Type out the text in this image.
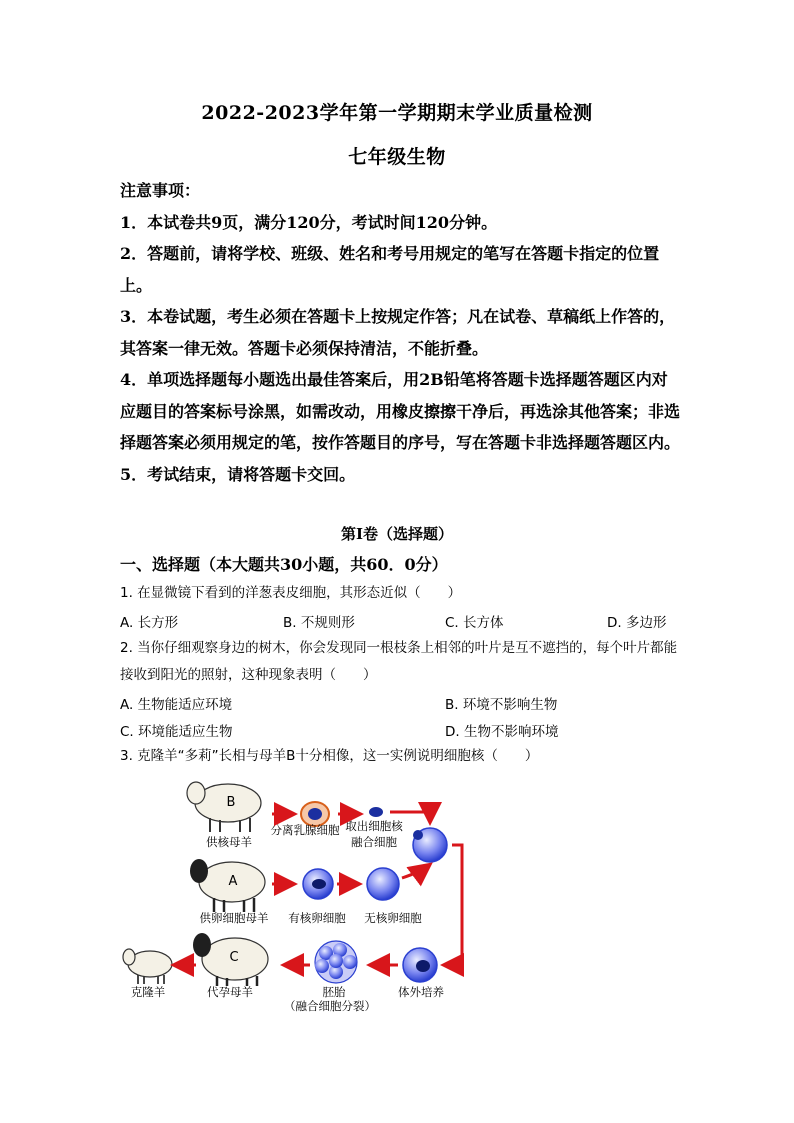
2022-2023学年第一学期期末学业质量检测
七年级生物

注意事项：

1．本试卷共9页，满分120分，考试时间120分钟。

2．答题前，请将学校、班级、姓名和考号用规定的笔写在答题卡指定的位置上。

3．本卷试题，考生必须在答题卡上按规定作答；凡在试卷、草稿纸上作答的，其答案一律无效。答题卡必须保持清洁，不能折叠。

4．单项选择题每小题选出最佳答案后，用2B铅笔将答题卡选择题答题区内对应题目的答案标号涂黑，如需改动，用橡皮擦擦干净后，再选涂其他答案；非选择题答案必须用规定的笔，按作答题目的序号，写在答题卡非选择题答题区内。

5．考试结束，请将答题卡交回。

第I卷（选择题）
一、选择题（本大题共30小题，共60．0分）

1. 在显微镜下看到的洋葱表皮细胞，其形态近似（　　）

A. 长方形	B. 不规则形	C. 长方体	D. 多边形

2. 当你仔细观察身边的树木，你会发现同一根枝条上相邻的叶片是互不遮挡的，每个叶片都能接收到阳光的照射，这种现象表明（　　）

A. 生物能适应环境	B. 环境不影响生物
C. 环境能适应生物	D. 生物不影响环境

3. 克隆羊“多莉”长相与母羊B十分相像，这一实例说明细胞核（　　）

B
供核母羊
分离乳腺细胞 取出细胞核
融合细胞
A
供卵细胞母羊 有核卵细胞 无核卵细胞
克隆羊
C
代孕母羊	胚胎
（融合细胞分裂）
体外培养
